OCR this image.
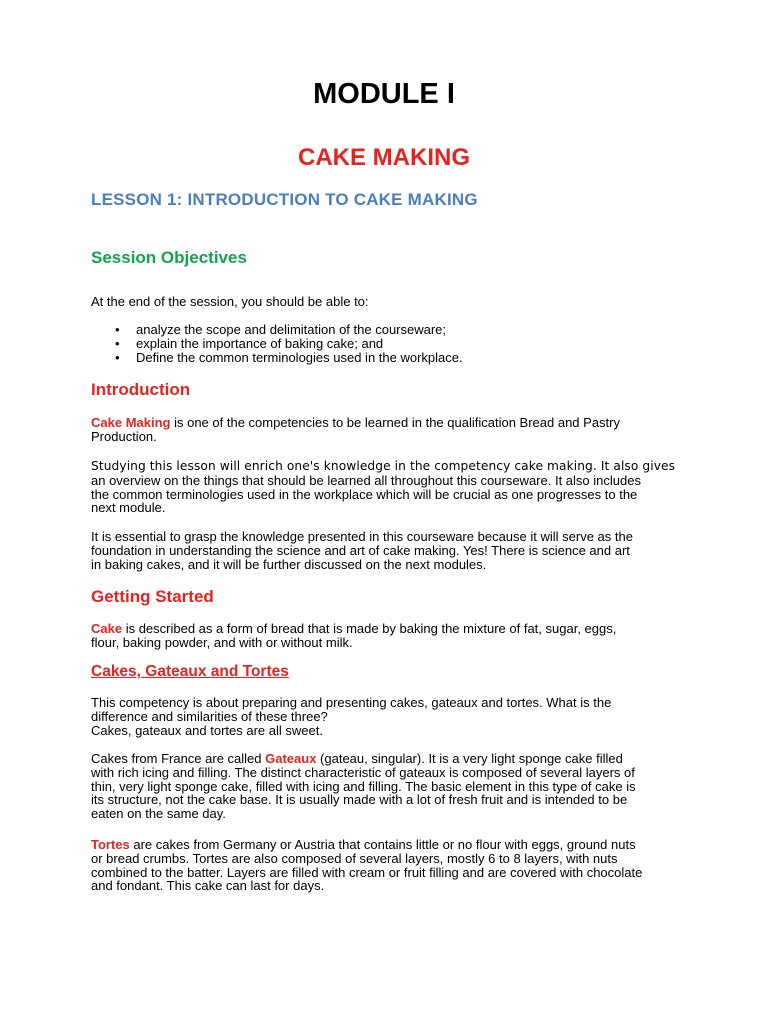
MODULE I
CAKE MAKING
LESSON 1: INTRODUCTION TO CAKE MAKING
Session Objectives

At the end of the session, you should be able to:

• analyze the scope and delimitation of the courseware;
• explain the importance of baking cake; and
• Define the common terminologies used in the workplace.
Introduction

Cake Making is one of the competencies to be learned in the qualification Bread and Pastry
Production.

Studying this lesson will enrich one's knowledge in the competency cake making. It also gives
an overview on the things that should be learned all throughout this courseware. It also includes
the common terminologies used in the workplace which will be crucial as one progresses to the
next module.

It is essential to grasp the knowledge presented in this courseware because it will serve as the
foundation in understanding the science and art of cake making. Yes! There is science and art
in baking cakes, and it will be further discussed on the next modules.

Getting Started

Cake is described as a form of bread that is made by baking the mixture of fat, sugar, eggs,
flour, baking powder, and with or without milk.

Cakes, Gateaux and Tortes

This competency is about preparing and presenting cakes, gateaux and tortes. What is the
difference and similarities of these three?
Cakes, gateaux and tortes are all sweet.

Cakes from France are called Gateaux (gateau, singular). It is a very light sponge cake filled
with rich icing and filling. The distinct characteristic of gateaux is composed of several layers of
thin, very light sponge cake, filled with icing and filling. The basic element in this type of cake is
its structure, not the cake base. It is usually made with a lot of fresh fruit and is intended to be
eaten on the same day.

Tortes are cakes from Germany or Austria that contains little or no flour with eggs, ground nuts
or bread crumbs. Tortes are also composed of several layers, mostly 6 to 8 layers, with nuts
combined to the batter. Layers are filled with cream or fruit filling and are covered with chocolate
and fondant. This cake can last for days.
